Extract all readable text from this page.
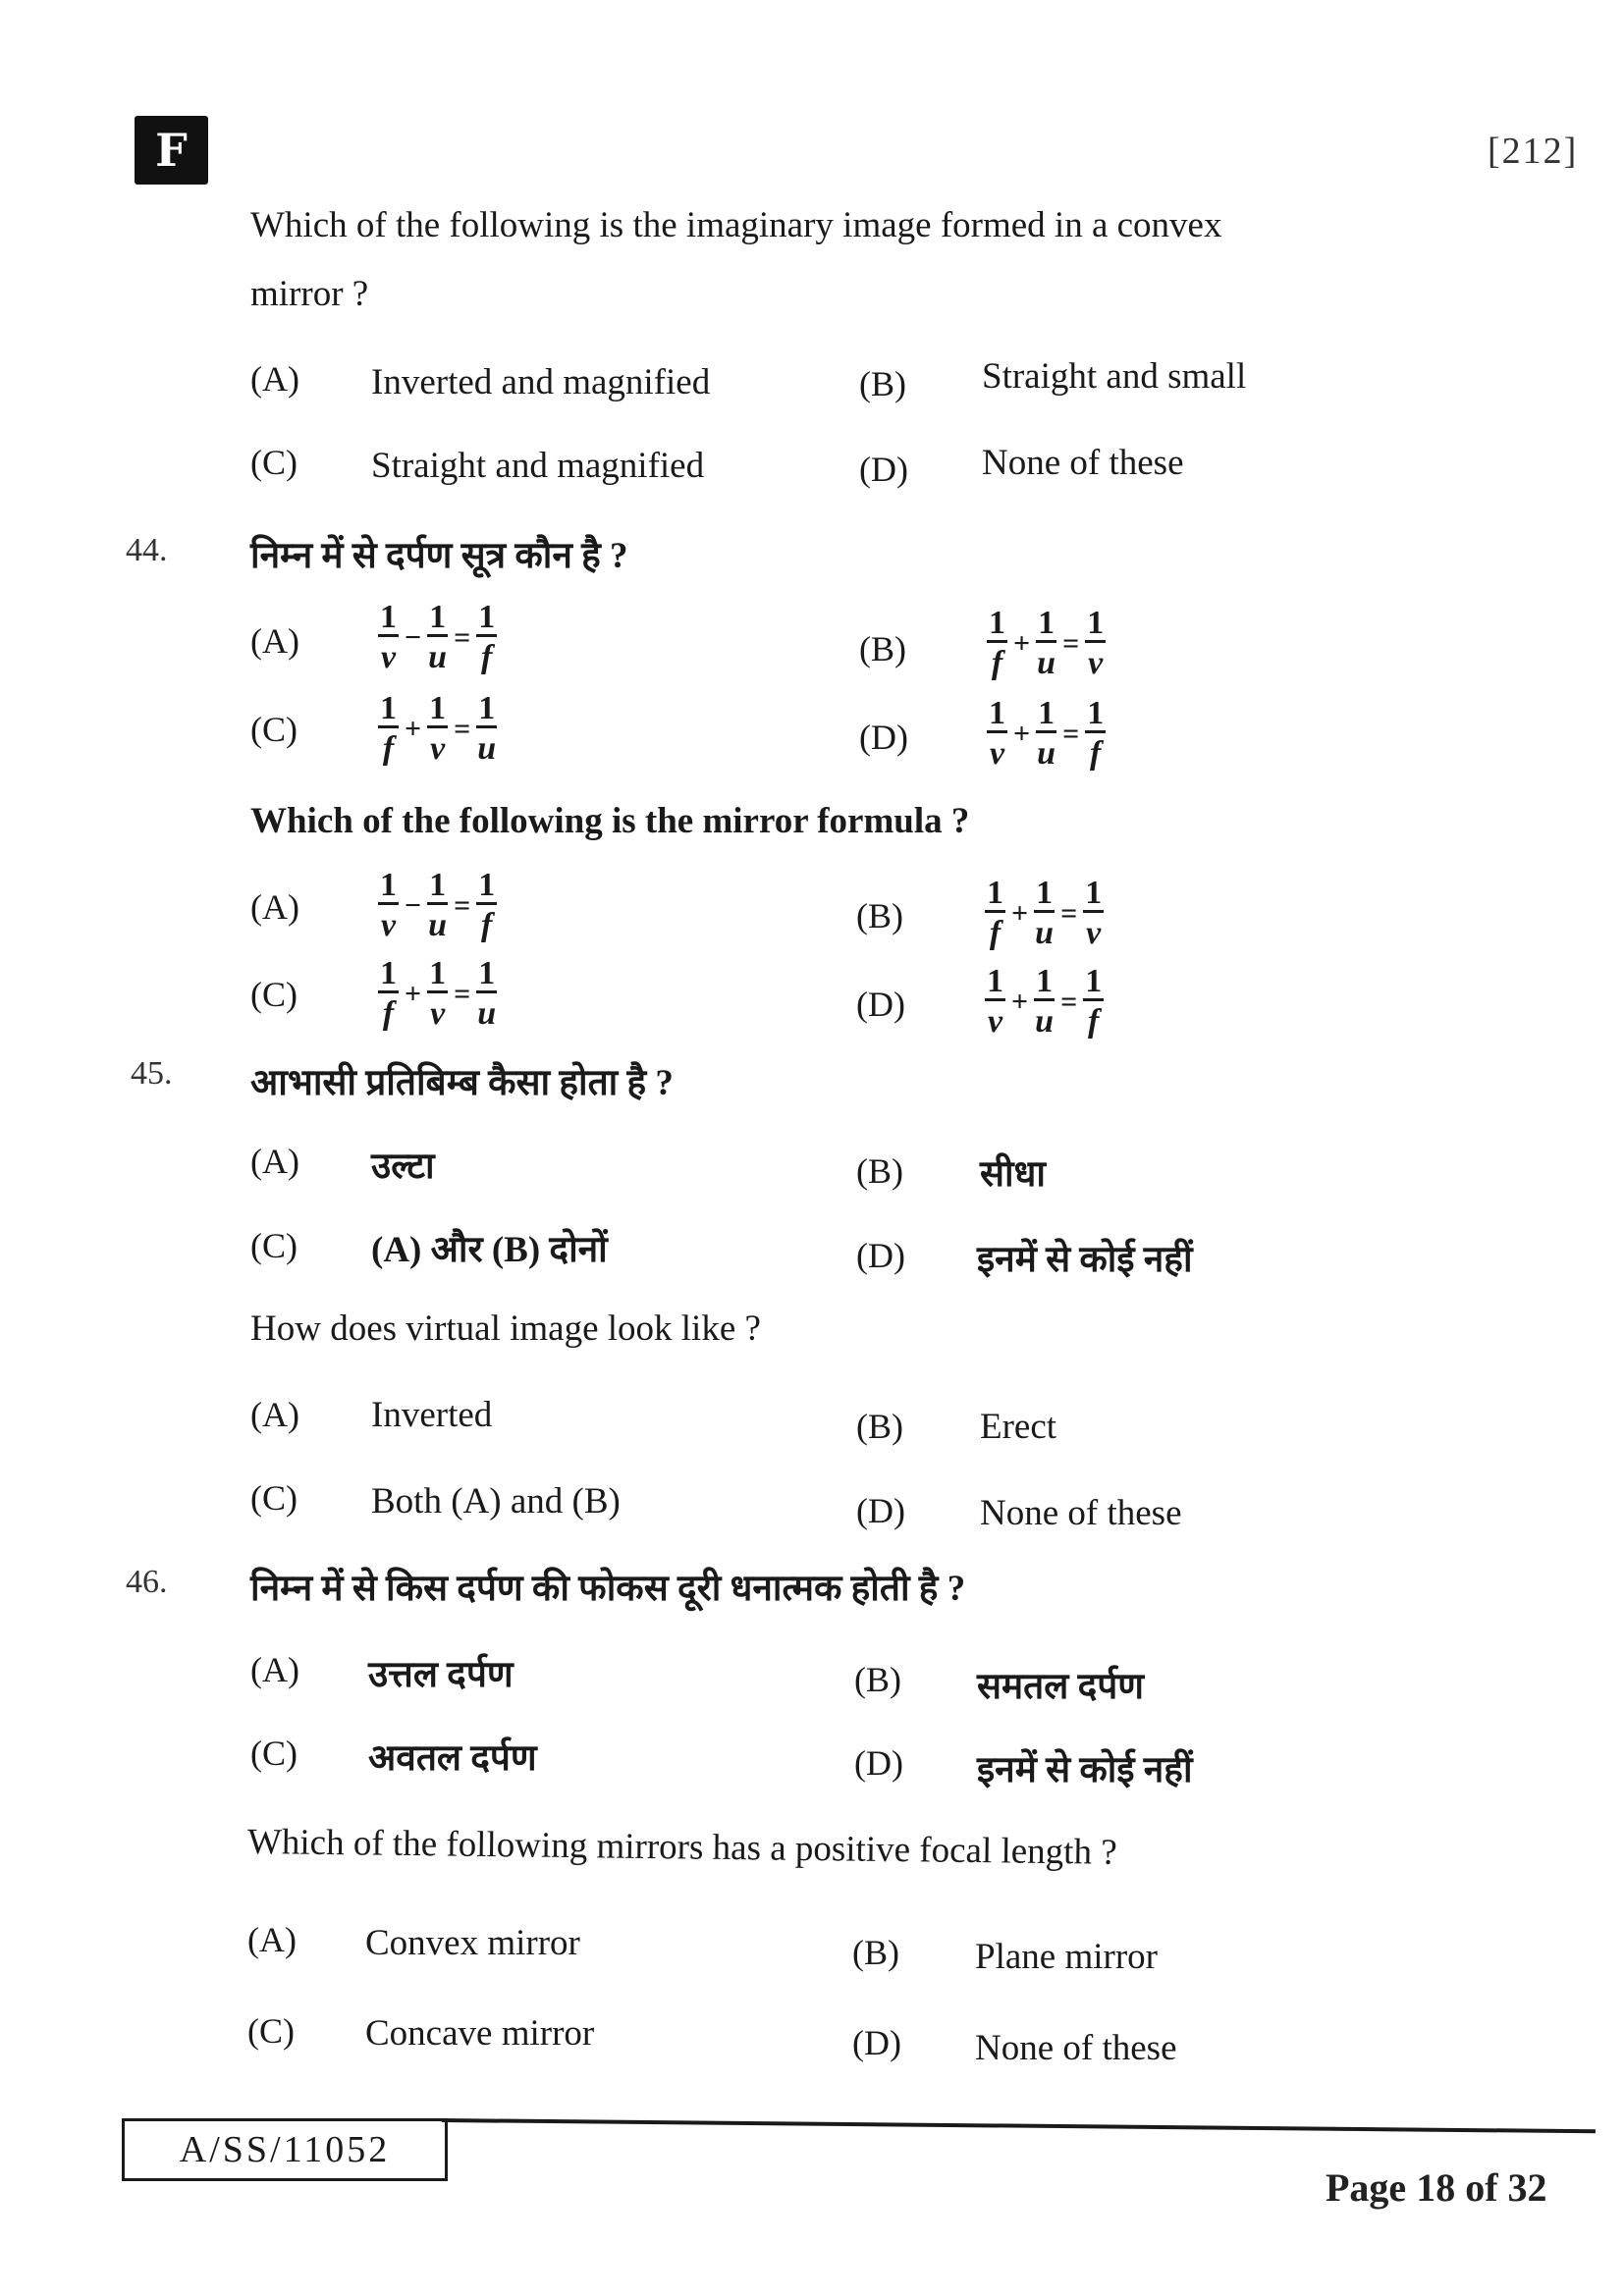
F	[212]
Which of the following is the imaginary image formed in a convex
mirror ?
(A) Inverted and magnified	(B) Straight and small
(C) Straight and magnified	(D) None of these
44. निम्न में से दर्पण सूत्र कौन है ?
$(A) \frac{1}{v} - \frac{1}{u} = \frac{1}{f}$	$(B) \frac{1}{f} + \frac{1}{u} = \frac{1}{v}$
$(C) \frac{1}{f} + \frac{1}{v} = \frac{1}{u}$	$(D) \frac{1}{v} + \frac{1}{u} = \frac{1}{f}$
Which of the following is the mirror formula ?
$(A) \frac{1}{v} - \frac{1}{u} = \frac{1}{f}$	$(B) \frac{1}{f} + \frac{1}{u} = \frac{1}{v}$
$(C) \frac{1}{f} + \frac{1}{v} = \frac{1}{u}$	$(D) \frac{1}{v} + \frac{1}{u} = \frac{1}{f}$
45. आभासी प्रतिबिम्ब कैसा होता है ?
(A) उल्टा	(B) सीधा
(C) (A) और (B) दोनों	(D) इनमें से कोई नहीं
How does virtual image look like ?
(A) Inverted	(B) Erect
(C) Both (A) and (B)	(D) None of these
46. निम्न में से किस दर्पण की फोकस दूरी धनात्मक होती है ?
(A) उत्तल दर्पण	(B) समतल दर्पण
(C) अवतल दर्पण	(D) इनमें से कोई नहीं
Which of the following mirrors has a positive focal length ?
(A) Convex mirror	(B) Plane mirror
(C) Concave mirror	(D) None of these
A/SS/11052
Page 18 of 32
